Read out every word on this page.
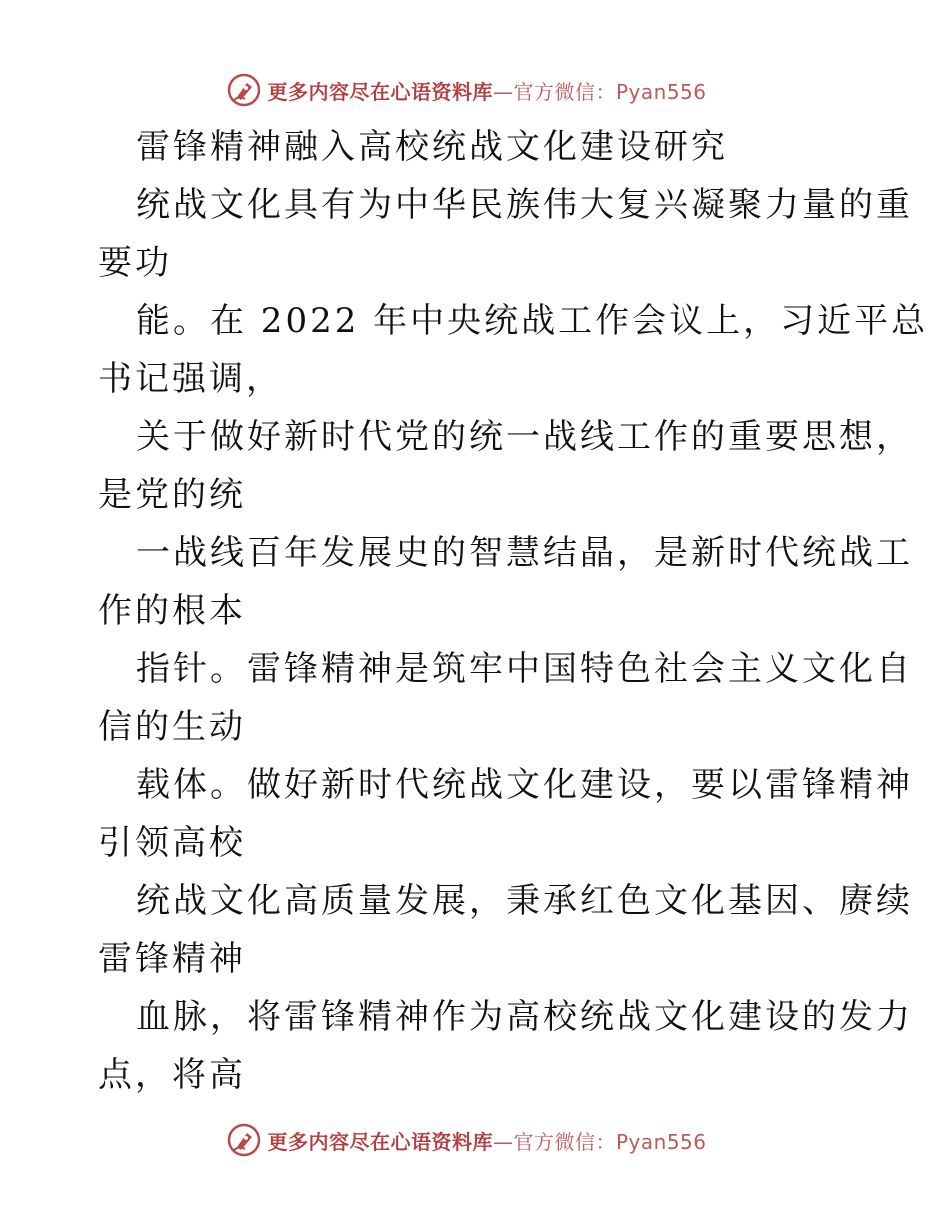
更多内容尽在心语资料库—官方微信：Pyan556
雷锋精神融入高校统战文化建设研究
统战文化具有为中华民族伟大复兴凝聚力量的重
要功
能。在 2022 年中央统战工作会议上，习近平总
书记强调，
关于做好新时代党的统一战线工作的重要思想，
是党的统
一战线百年发展史的智慧结晶，是新时代统战工
作的根本
指针。雷锋精神是筑牢中国特色社会主义文化自
信的生动
载体。做好新时代统战文化建设，要以雷锋精神
引领高校
统战文化高质量发展，秉承红色文化基因、赓续
雷锋精神
血脉，将雷锋精神作为高校统战文化建设的发力
点，将高
更多内容尽在心语资料库—官方微信：Pyan556
